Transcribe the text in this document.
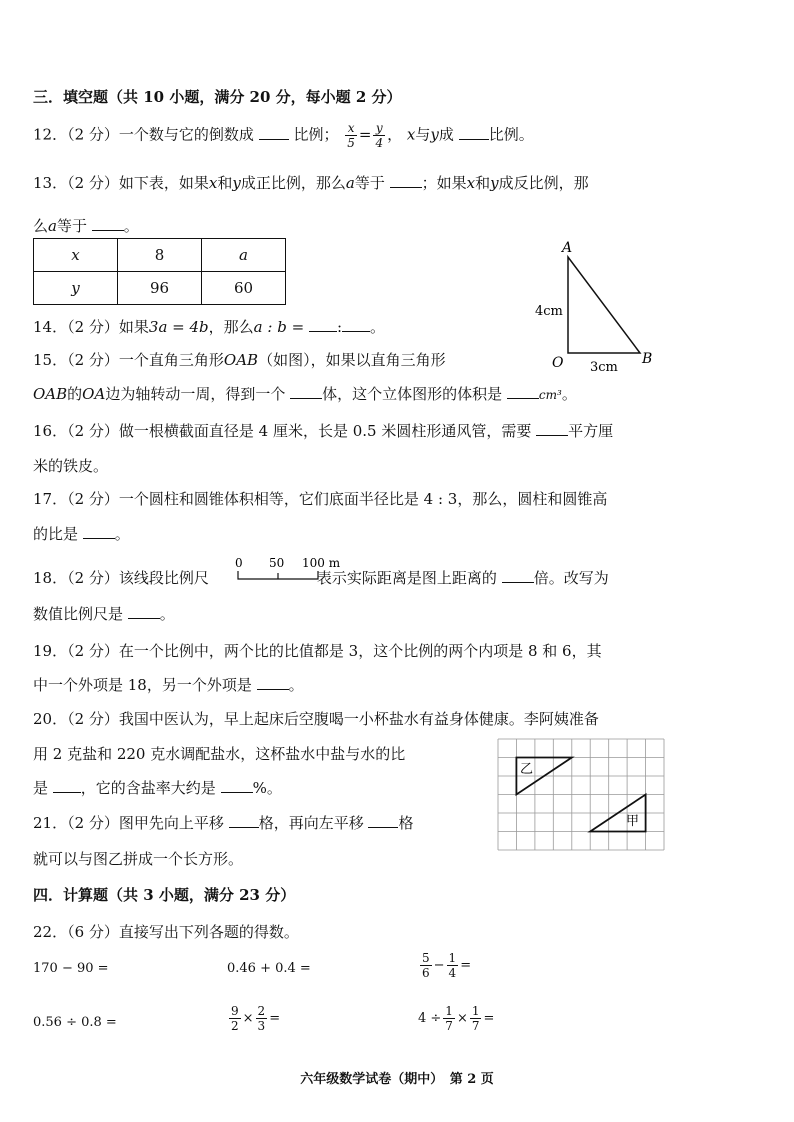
三．填空题（共 10 小题，满分 20 分，每小题 2 分）
12．（2 分）一个数与它的倒数成	比例； $\frac{x}{5} = \frac{y}{4}$ ， x与y成 比例。
13．（2 分）如下表，如果x和y成正比例，那么a等于 ；如果x和y成反比例，那
么a等于 。
x	8	a
y	96	60
A
O	B
4cm
3cm
14．（2 分）如果3a = 4b，那么a : b = : 。
15．（2 分）一个直角三角形OAB（如图），如果以直角三角形
OAB的OA边为轴转动一周，得到一个 体，这个立体图形的体积是	cm³。
16．（2 分）做一根横截面直径是 4 厘米，长是 0.5 米圆柱形通风管，需要 平方厘
米的铁皮。
17．（2 分）一个圆柱和圆锥体积相等，它们底面半径比是 4 : 3，那么，圆柱和圆锥高
的比是 。
18．（2 分）该线段比例尺	表示实际距离是图上距离的 倍。改写为
0 50 100 m
数值比例尺是 。
19．（2 分）在一个比例中，两个比的比值都是 3，这个比例的两个内项是 8 和 6，其
中一个外项是 18，另一个外项是 。
20．（2 分）我国中医认为，早上起床后空腹喝一小杯盐水有益身体健康。李阿姨准备
用 2 克盐和 220 克水调配盐水，这杯盐水中盐与水的比
是 ，它的含盐率大约是 %。
21．（2 分）图甲先向上平移 格，再向左平移 格
就可以与图乙拼成一个长方形。
乙
甲
四．计算题（共 3 小题，满分 23 分）
22．（6 分）直接写出下列各题的得数。
170 − 90 =	0.46 + 0.4 =	$\frac{5}{6} - \frac{1}{4}$ =
0.56 ÷ 0.8 =	$\frac{9}{2} \times \frac{2}{3}$ =	$4 \div \frac{1}{7} \times \frac{1}{7}$ =
六年级数学试卷（期中）　第 2 页
